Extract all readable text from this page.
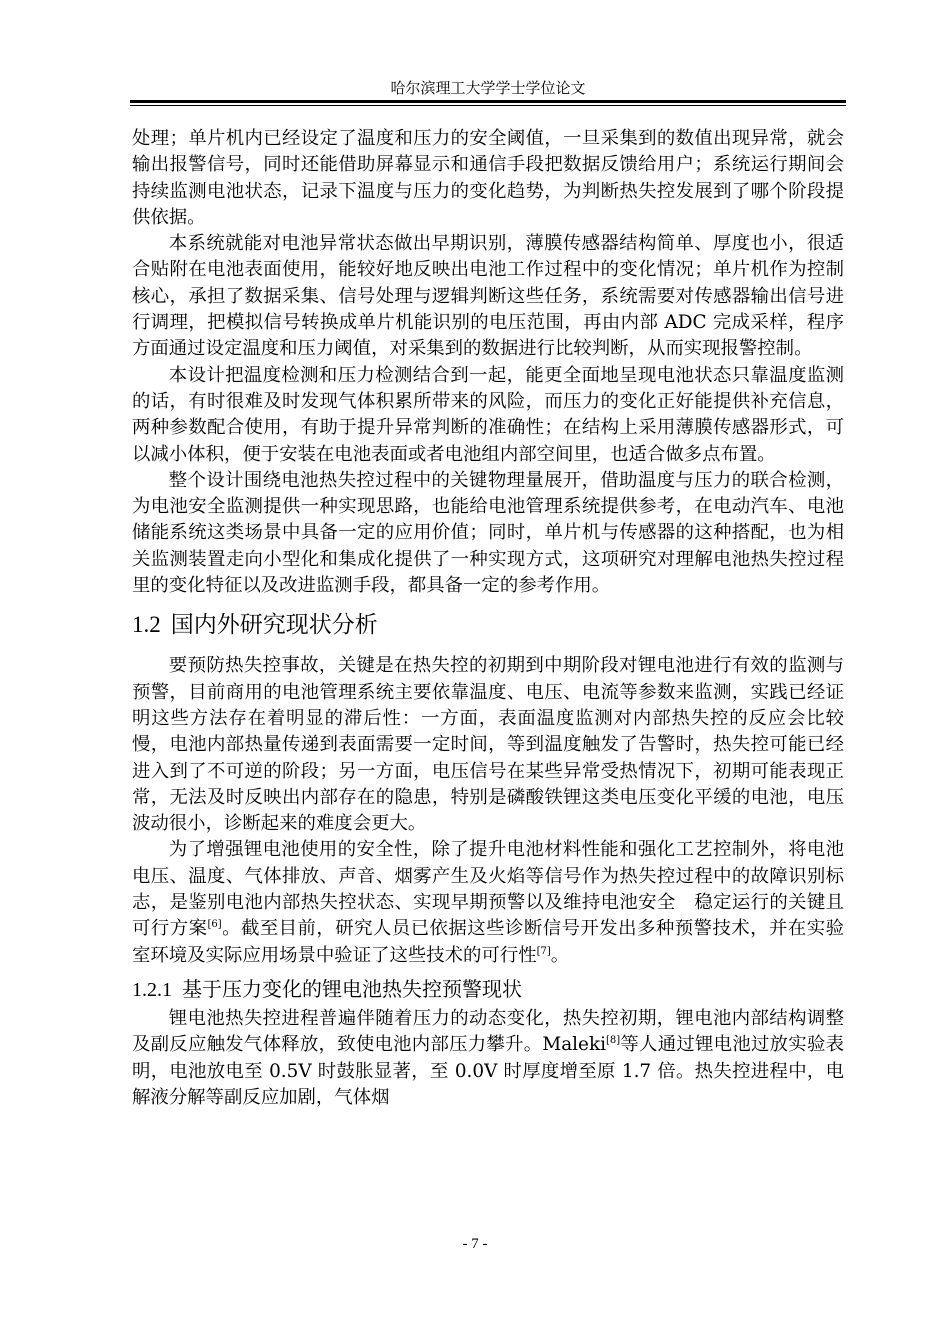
哈尔滨理工大学学士学位论文

处理；单片机内已经设定了温度和压力的安全阈值，一旦采集到的数值出现异常，就会输出报警信号，同时还能借助屏幕显示和通信手段把数据反馈给用户；系统运行期间会持续监测电池状态，记录下温度与压力的变化趋势，为判断热失控发展到了哪个阶段提供依据。

本系统就能对电池异常状态做出早期识别，薄膜传感器结构简单、厚度也小，很适合贴附在电池表面使用，能较好地反映出电池工作过程中的变化情况；单片机作为控制核心，承担了数据采集、信号处理与逻辑判断这些任务，系统需要对传感器输出信号进行调理，把模拟信号转换成单片机能识别的电压范围，再由内部 ADC 完成采样，程序方面通过设定温度和压力阈值，对采集到的数据进行比较判断，从而实现报警控制。

本设计把温度检测和压力检测结合到一起，能更全面地呈现电池状态只靠温度监测的话，有时很难及时发现气体积累所带来的风险，而压力的变化正好能提供补充信息，两种参数配合使用，有助于提升异常判断的准确性；在结构上采用薄膜传感器形式，可以减小体积，便于安装在电池表面或者电池组内部空间里，也适合做多点布置。

整个设计围绕电池热失控过程中的关键物理量展开，借助温度与压力的联合检测，为电池安全监测提供一种实现思路，也能给电池管理系统提供参考，在电动汽车、电池储能系统这类场景中具备一定的应用价值；同时，单片机与传感器的这种搭配，也为相关监测装置走向小型化和集成化提供了一种实现方式，这项研究对理解电池热失控过程里的变化特征以及改进监测手段，都具备一定的参考作用。

1.2 国内外研究现状分析

要预防热失控事故，关键是在热失控的初期到中期阶段对锂电池进行有效的监测与预警，目前商用的电池管理系统主要依靠温度、电压、电流等参数来监测，实践已经证明这些方法存在着明显的滞后性：一方面，表面温度监测对内部热失控的反应会比较慢，电池内部热量传递到表面需要一定时间，等到温度触发了告警时，热失控可能已经进入到了不可逆的阶段；另一方面，电压信号在某些异常受热情况下，初期可能表现正常，无法及时反映出内部存在的隐患，特别是磷酸铁锂这类电压变化平缓的电池，电压波动很小，诊断起来的难度会更大。

为了增强锂电池使用的安全性，除了提升电池材料性能和强化工艺控制外，将电池电压、温度、气体排放、声音、烟雾产生及火焰等信号作为热失控过程中的故障识别标志，是鉴别电池内部热失控状态、实现早期预警以及维持电池安全　稳定运行的关键且可行方案[6]。截至目前，研究人员已依据这些诊断信号开发出多种预警技术，并在实验室环境及实际应用场景中验证了这些技术的可行性[7]。

1.2.1 基于压力变化的锂电池热失控预警现状

锂电池热失控进程普遍伴随着压力的动态变化，热失控初期，锂电池内部结构调整及副反应触发气体释放，致使电池内部压力攀升。Maleki[8]等人通过锂电池过放实验表明，电池放电至 0.5V 时鼓胀显著，至 0.0V 时厚度增至原 1.7 倍。热失控进程中，电解液分解等副反应加剧，气体烟

- 7 -
